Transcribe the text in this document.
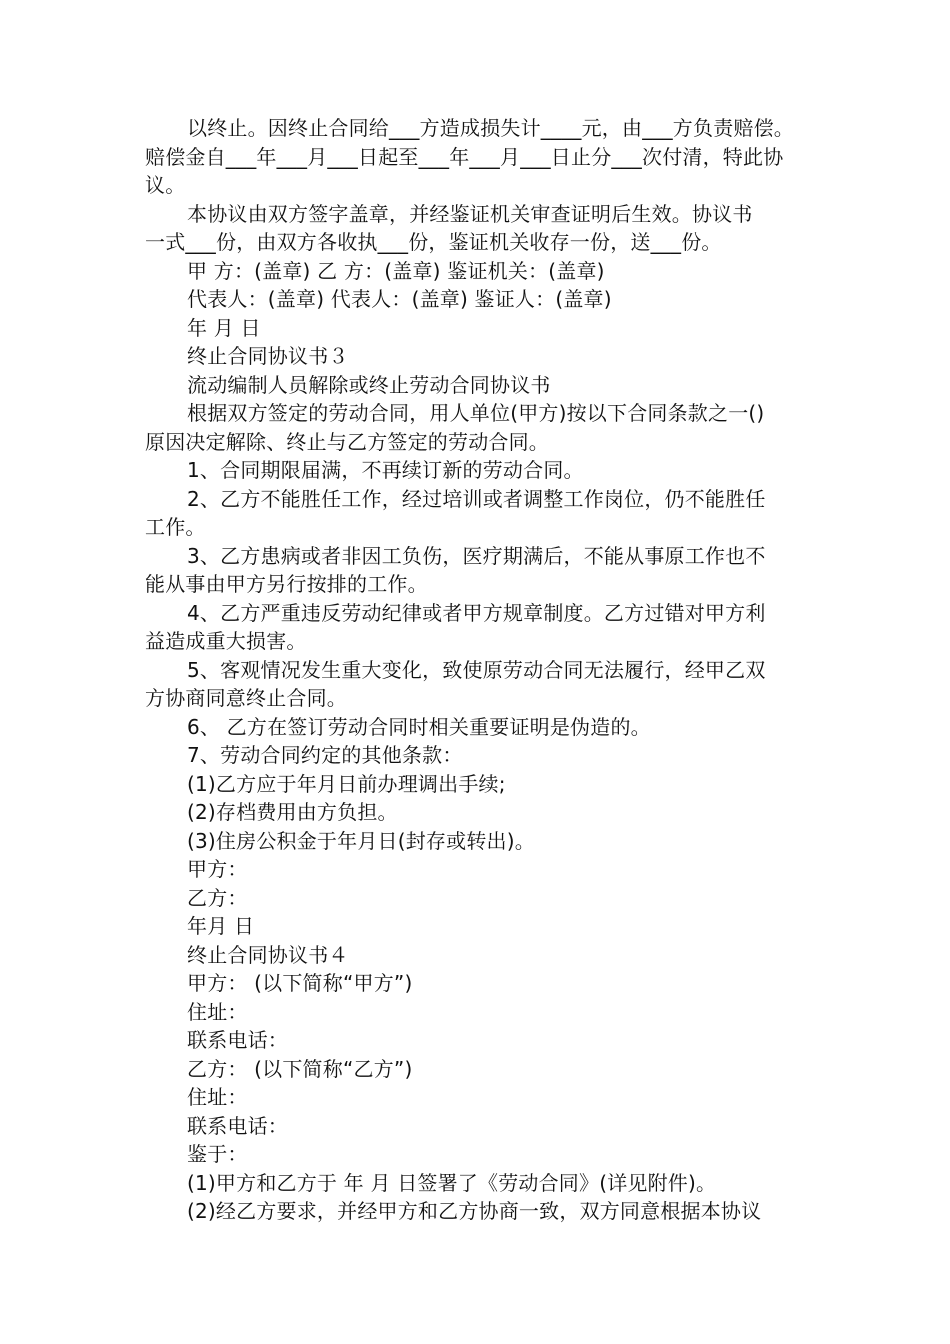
以终止。因终止合同给___方造成损失计____元，由___方负责赔偿。
赔偿金自___年___月___日起至___年___月___日止分___次付清，特此协
议。
本协议由双方签字盖章，并经鉴证机关审查证明后生效。协议书
一式___份，由双方各收执___份，鉴证机关收存一份，送___份。
甲 方：(盖章) 乙 方：(盖章) 鉴证机关：(盖章)
代表人：(盖章) 代表人：(盖章) 鉴证人：(盖章)
年 月 日
终止合同协议书３
流动编制人员解除或终止劳动合同协议书
根据双方签定的劳动合同，用人单位(甲方)按以下合同条款之一()
原因决定解除、终止与乙方签定的劳动合同。
1、合同期限届满，不再续订新的劳动合同。
2、乙方不能胜任工作，经过培训或者调整工作岗位，仍不能胜任
工作。
3、乙方患病或者非因工负伤，医疗期满后，不能从事原工作也不
能从事由甲方另行按排的工作。
4、乙方严重违反劳动纪律或者甲方规章制度。乙方过错对甲方利
益造成重大损害。
5、客观情况发生重大变化，致使原劳动合同无法履行，经甲乙双
方协商同意终止合同。
6、 乙方在签订劳动合同时相关重要证明是伪造的。
7、劳动合同约定的其他条款：
(1)乙方应于年月日前办理调出手续;
(2)存档费用由方负担。
(3)住房公积金于年月日(封存或转出)。
甲方：
乙方：
年月 日
终止合同协议书４
甲方： (以下简称“甲方”)
住址：
联系电话：
乙方： (以下简称“乙方”)
住址：
联系电话：
鉴于：
(1)甲方和乙方于 年 月 日签署了《劳动合同》(详见附件)。
(2)经乙方要求，并经甲方和乙方协商一致，双方同意根据本协议
